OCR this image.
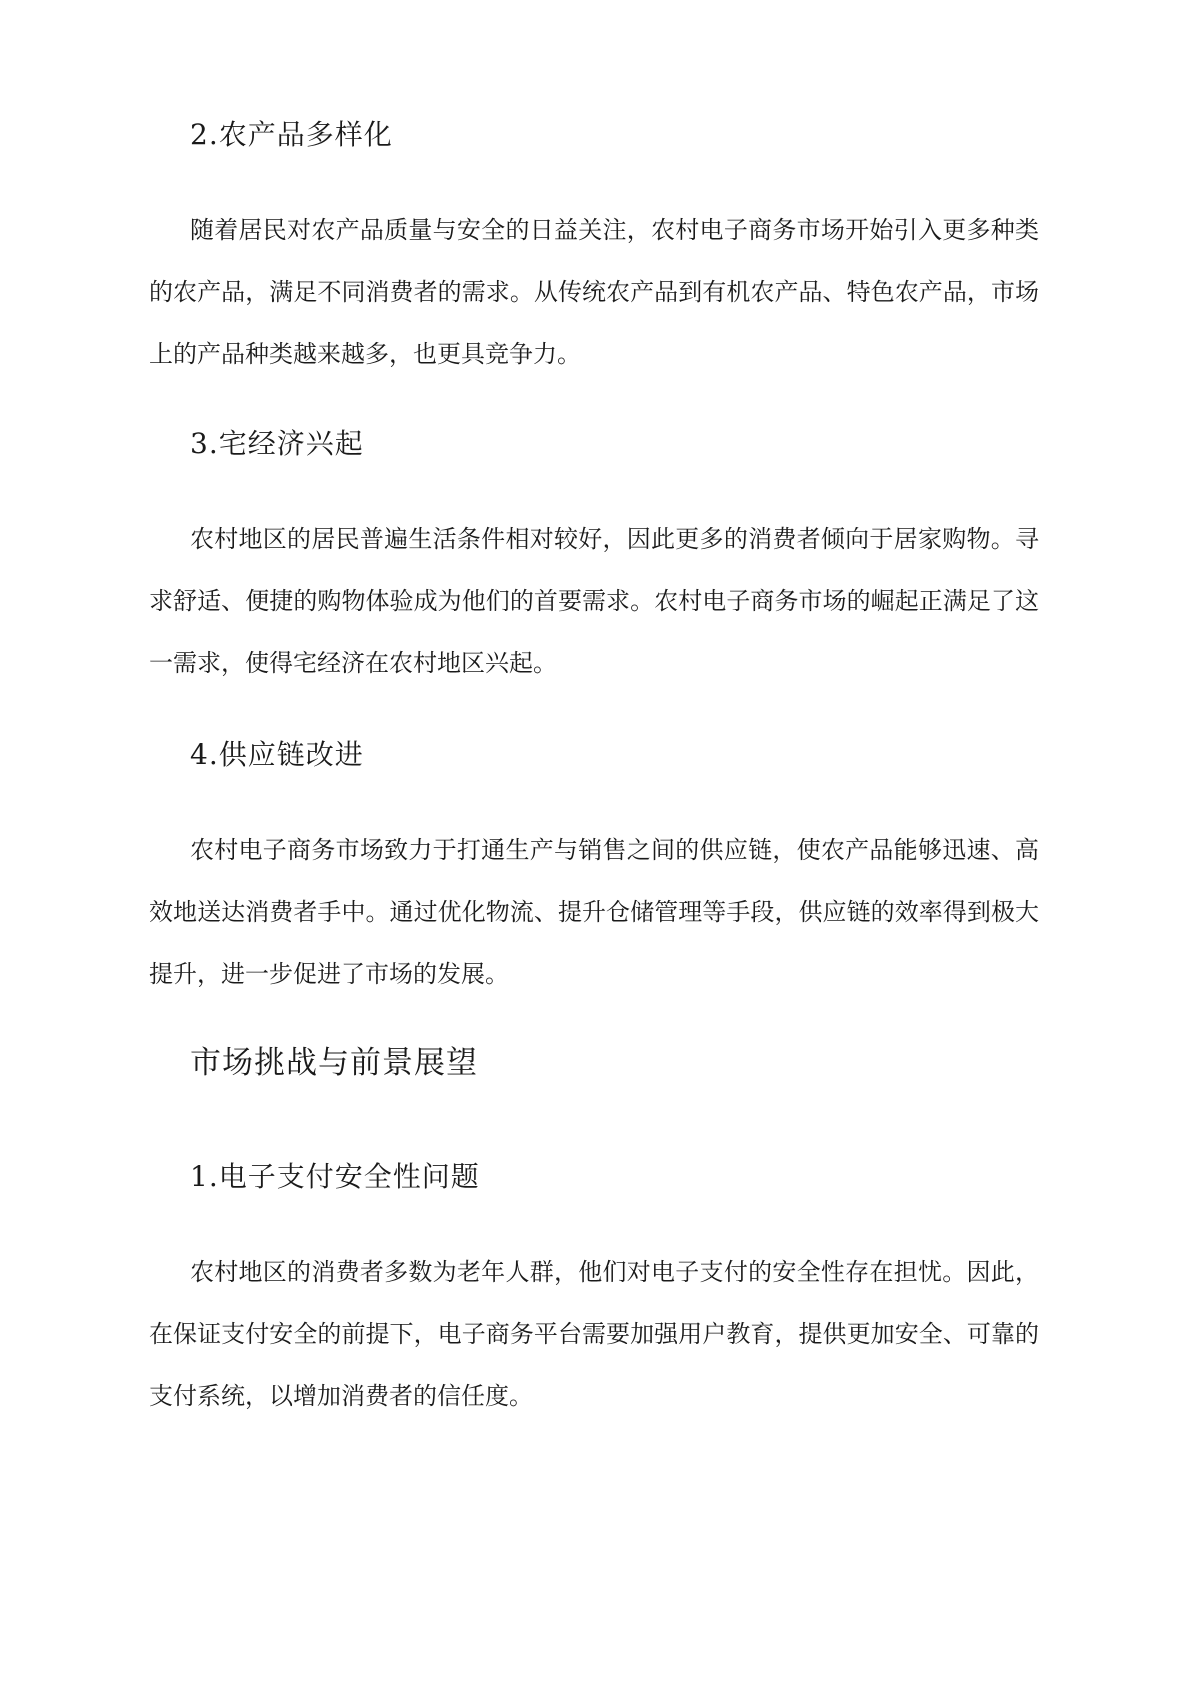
2.农产品多样化

随着居民对农产品质量与安全的日益关注，农村电子商务市场开始引入更多种类的农产品，满足不同消费者的需求。从传统农产品到有机农产品、特色农产品，市场上的产品种类越来越多，也更具竞争力。

3.宅经济兴起

农村地区的居民普遍生活条件相对较好，因此更多的消费者倾向于居家购物。寻求舒适、便捷的购物体验成为他们的首要需求。农村电子商务市场的崛起正满足了这一需求，使得宅经济在农村地区兴起。

4.供应链改进

农村电子商务市场致力于打通生产与销售之间的供应链，使农产品能够迅速、高效地送达消费者手中。通过优化物流、提升仓储管理等手段，供应链的效率得到极大提升，进一步促进了市场的发展。

市场挑战与前景展望
1.电子支付安全性问题

农村地区的消费者多数为老年人群，他们对电子支付的安全性存在担忧。因此，在保证支付安全的前提下，电子商务平台需要加强用户教育，提供更加安全、可靠的支付系统，以增加消费者的信任度。
